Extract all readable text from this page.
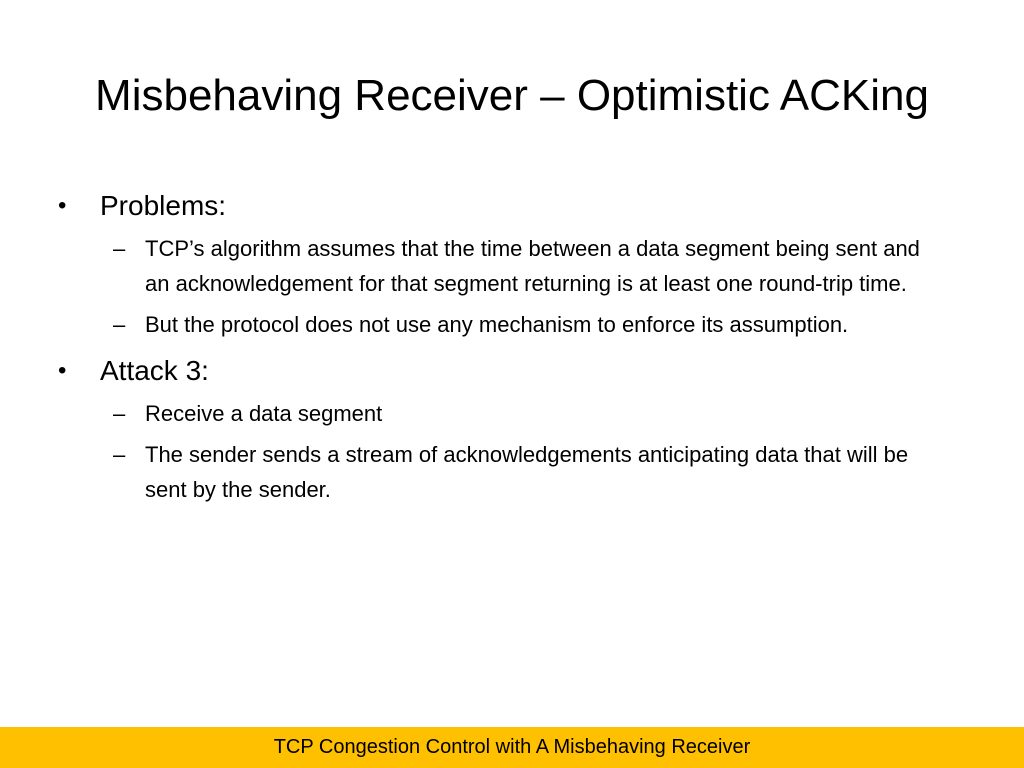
Misbehaving Receiver – Optimistic ACKing
•	Problems:
– TCP’s algorithm assumes that the time between a data segment being sent and an acknowledgement for that segment returning is at least one round-trip time.
– But the protocol does not use any mechanism to enforce its assumption.
•	Attack 3:
– Receive a data segment
– The sender sends a stream of acknowledgements anticipating data that will be sent by the sender.
TCP Congestion Control with A Misbehaving Receiver
